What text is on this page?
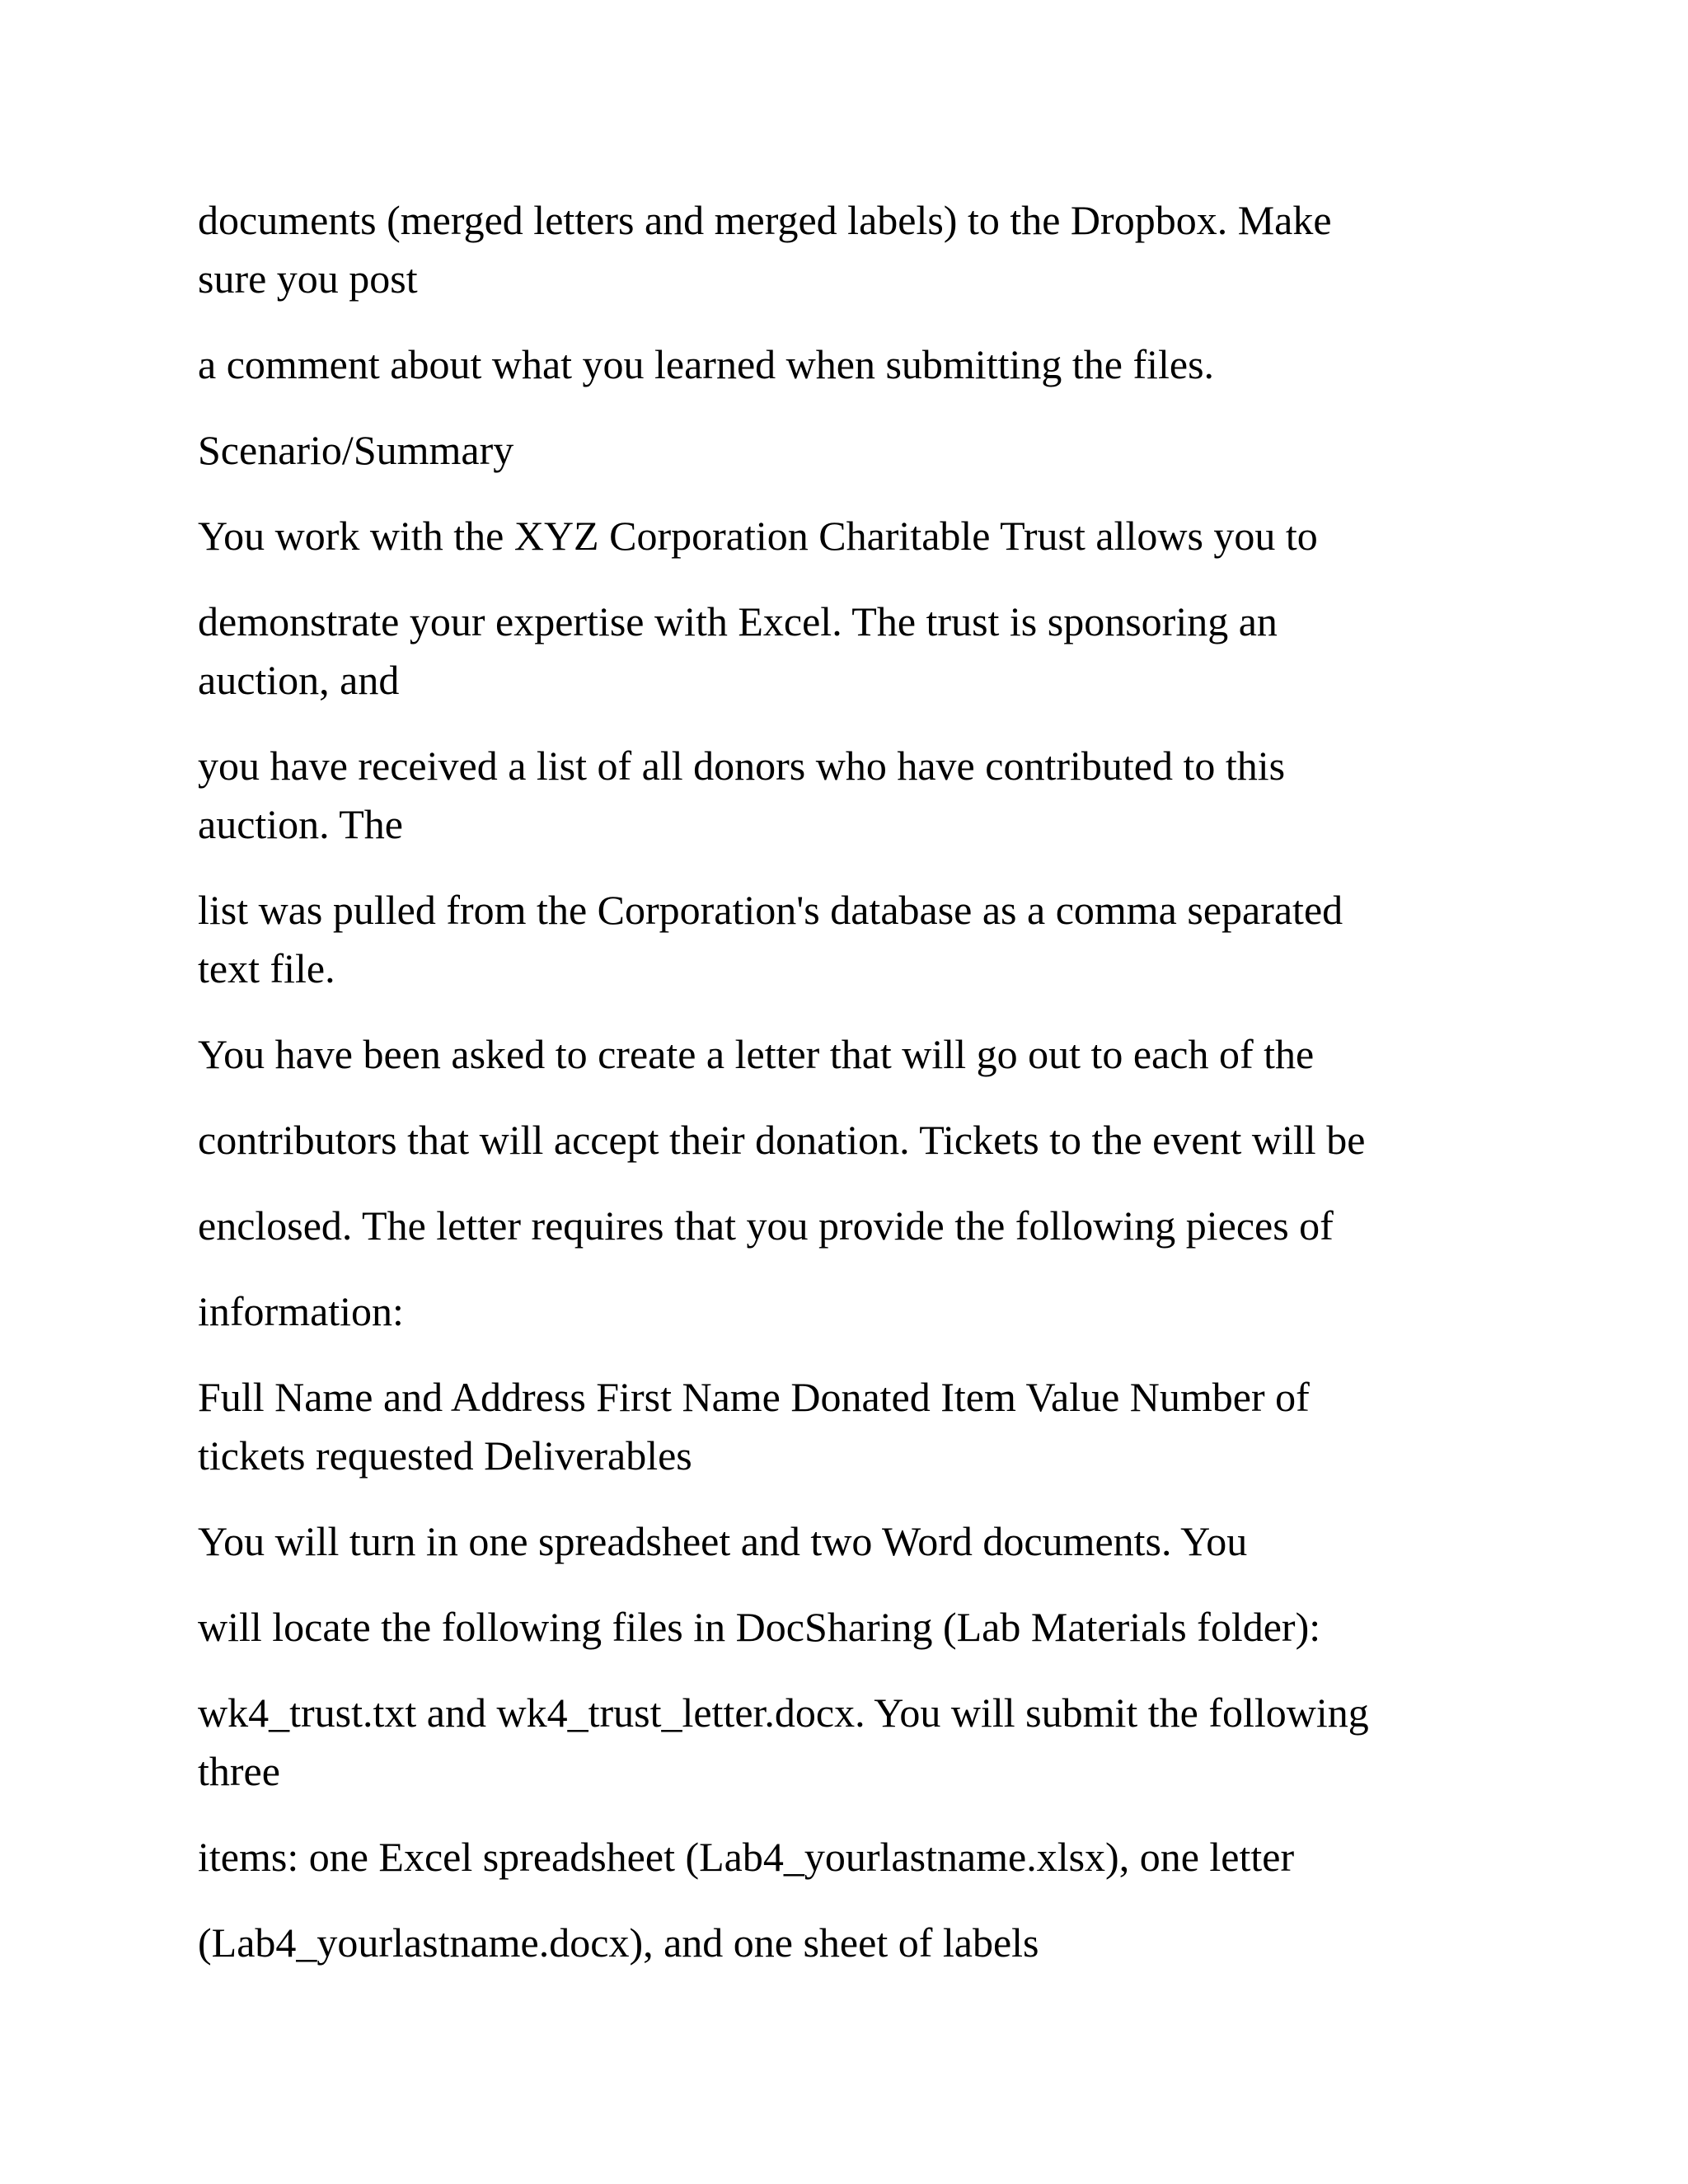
documents (merged letters and merged labels) to the Dropbox. Make
sure you post

a comment about what you learned when submitting the files.

Scenario/Summary

You work with the XYZ Corporation Charitable Trust allows you to

demonstrate your expertise with Excel. The trust is sponsoring an
auction, and

you have received a list of all donors who have contributed to this
auction. The

list was pulled from the Corporation's database as a comma separated
text file.

You have been asked to create a letter that will go out to each of the

contributors that will accept their donation. Tickets to the event will be

enclosed. The letter requires that you provide the following pieces of

information:

Full Name and Address First Name Donated Item Value Number of
tickets requested Deliverables

You will turn in one spreadsheet and two Word documents. You

will locate the following files in DocSharing (Lab Materials folder):

wk4_trust.txt and wk4_trust_letter.docx. You will submit the following
three

items: one Excel spreadsheet (Lab4_yourlastname.xlsx), one letter

(Lab4_yourlastname.docx), and one sheet of labels
